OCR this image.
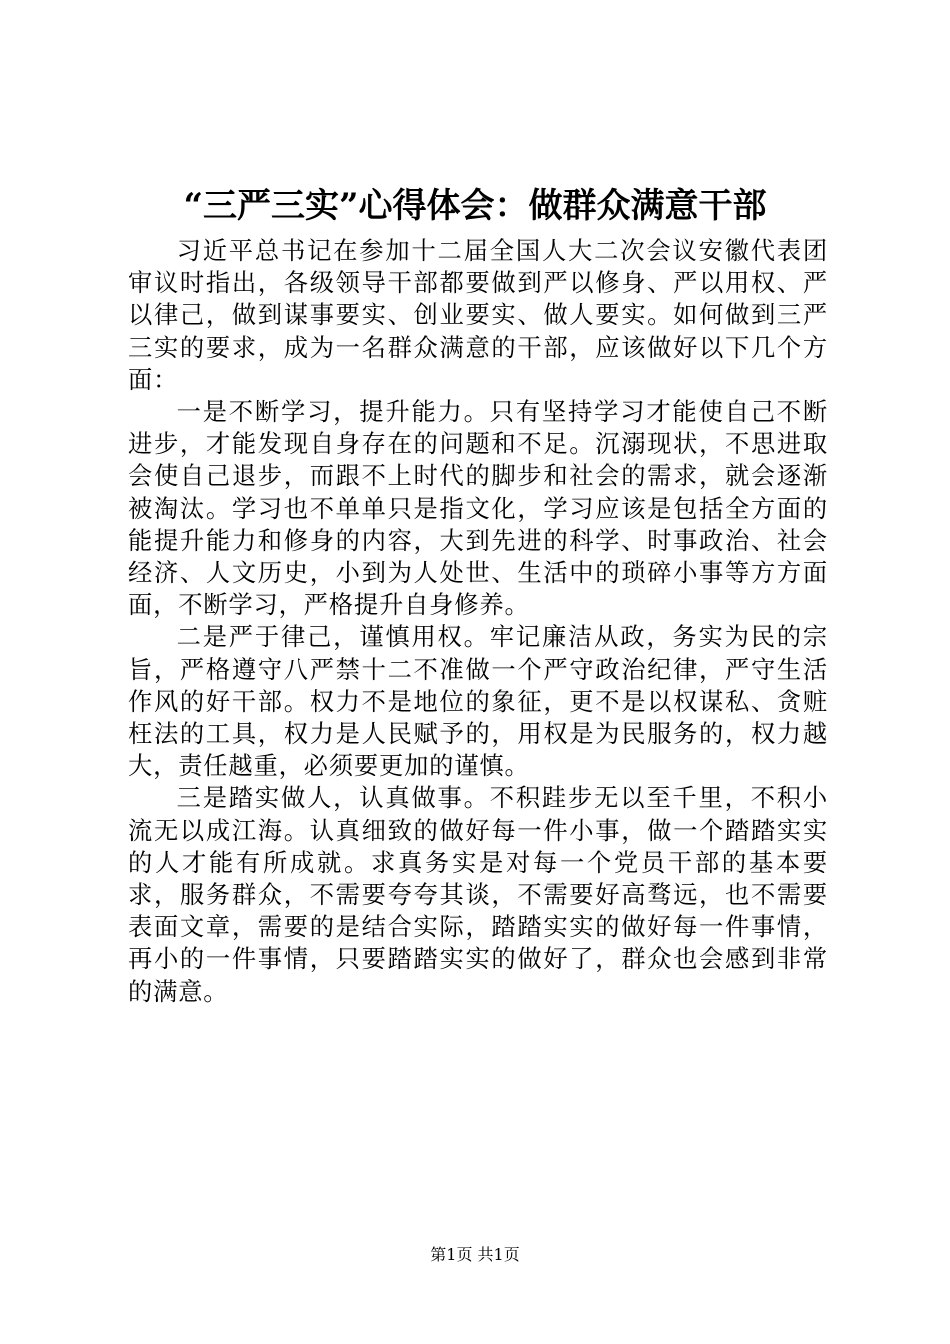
“三严三实”心得体会：做群众满意干部

习近平总书记在参加十二届全国人大二次会议安徽代表团审议时指出，各级领导干部都要做到严以修身、严以用权、严以律己，做到谋事要实、创业要实、做人要实。如何做到三严三实的要求，成为一名群众满意的干部，应该做好以下几个方面：

一是不断学习，提升能力。只有坚持学习才能使自己不断进步，才能发现自身存在的问题和不足。沉溺现状，不思进取会使自己退步，而跟不上时代的脚步和社会的需求，就会逐渐被淘汰。学习也不单单只是指文化，学习应该是包括全方面的能提升能力和修身的内容，大到先进的科学、时事政治、社会经济、人文历史，小到为人处世、生活中的琐碎小事等方方面面，不断学习，严格提升自身修养。

二是严于律己，谨慎用权。牢记廉洁从政，务实为民的宗旨，严格遵守八严禁十二不准做一个严守政治纪律，严守生活作风的好干部。权力不是地位的象征，更不是以权谋私、贪赃枉法的工具，权力是人民赋予的，用权是为民服务的，权力越大，责任越重，必须要更加的谨慎。

三是踏实做人，认真做事。不积跬步无以至千里，不积小流无以成江海。认真细致的做好每一件小事，做一个踏踏实实的人才能有所成就。求真务实是对每一个党员干部的基本要求，服务群众，不需要夸夸其谈，不需要好高骛远，也不需要表面文章，需要的是结合实际，踏踏实实的做好每一件事情，再小的一件事情，只要踏踏实实的做好了，群众也会感到非常的满意。

第1页 共1页
